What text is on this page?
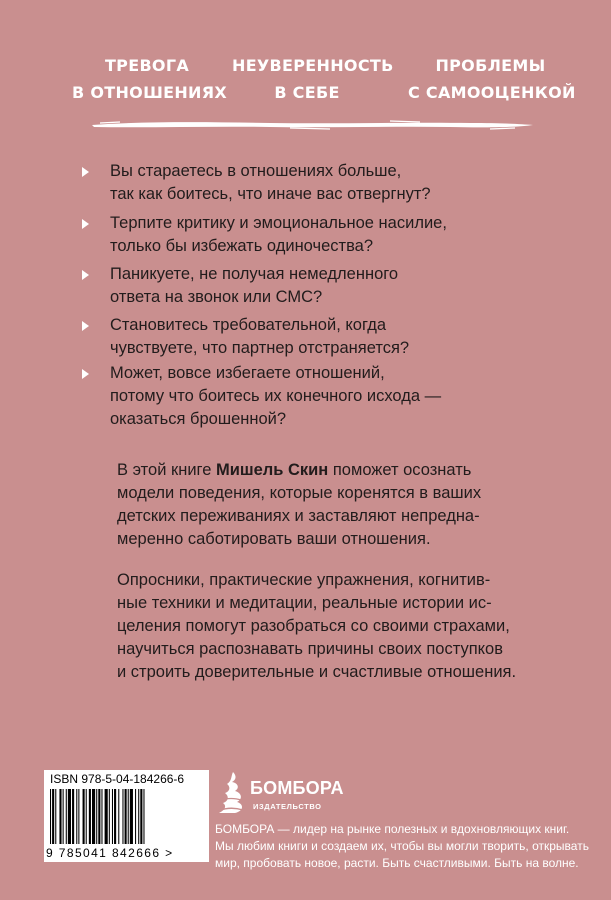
ТРЕВОГА
В ОТНОШЕНИЯХ
НЕУВЕРЕННОСТЬ
В СЕБЕ
ПРОБЛЕМЫ
С САМООЦЕНКОЙ
Вы стараетесь в отношениях больше,
так как боитесь, что иначе вас отвергнут?
Терпите критику и эмоциональное насилие,
только бы избежать одиночества?
Паникуете, не получая немедленного
ответа на звонок или СМС?
Становитесь требовательной, когда
чувствуете, что партнер отстраняется?
Может, вовсе избегаете отношений,
потому что боитесь их конечного исхода —
оказаться брошенной?
В этой книге Мишель Скин поможет осознать
модели поведения, которые коренятся в ваших
детских переживаниях и заставляют непредна-
меренно саботировать ваши отношения.
Опросники, практические упражнения, когнитив-
ные техники и медитации, реальные истории ис-
целения помогут разобраться со своими страхами,
научиться распознавать причины своих поступков
и строить доверительные и счастливые отношения.
ISBN 978-5-04-184266-6
9 785041 842666 >
БОМБОРА
ИЗДАТЕЛЬСТВО
БОМБОРА — лидер на рынке полезных и вдохновляющих книг.
Мы любим книги и создаем их, чтобы вы могли творить, открывать
мир, пробовать новое, расти. Быть счастливыми. Быть на волне.
